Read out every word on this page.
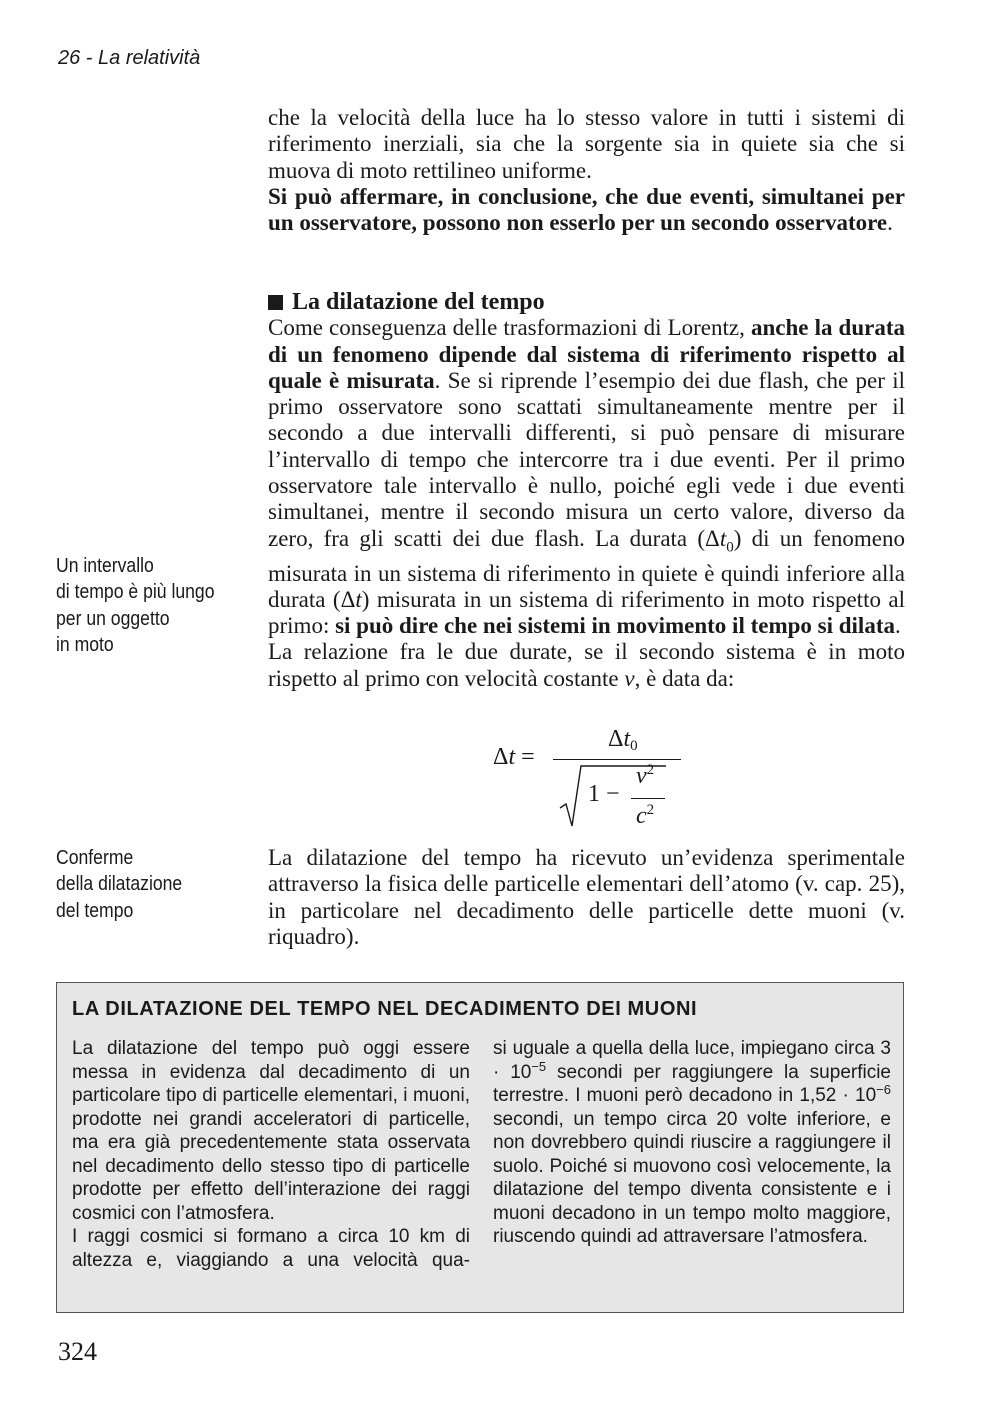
26 - La relatività

che la velocità della luce ha lo stesso valore in tutti i sistemi di riferimento inerziali, sia che la sorgente sia in quiete sia che si muova di moto rettilineo uniforme.

Si può affermare, in conclusione, che due eventi, simultanei per un osservatore, possono non esserlo per un secondo osservatore.

La dilatazione del tempo

Come conseguenza delle trasformazioni di Lorentz, anche la durata di un fenomeno dipende dal sistema di riferimento rispetto al quale è misurata. Se si riprende l’esempio dei due flash, che per il primo osservatore sono scattati simultaneamente mentre per il secondo a due intervalli differenti, si può pensare di misurare l’intervallo di tempo che intercorre tra i due eventi. Per il primo osservatore tale intervallo è nullo, poiché egli vede i due eventi simultanei, mentre il secondo misura un certo valore, diverso da zero, fra gli scatti dei due flash. La durata $(\Delta t_0)$ di un fenomeno misurata in un sistema di riferimento in quiete è quindi inferiore alla durata (Δt) misurata in un sistema di riferimento in moto rispetto al primo: si può dire che nei sistemi in movimento il tempo si dilata.

La relazione fra le due durate, se il secondo sistema è in moto rispetto al primo con velocità costante v, è data da:

Δt =
$\Delta t_0$
1 −
$v^2$
$c^2$

La dilatazione del tempo ha ricevuto un’evidenza sperimentale attraverso la fisica delle particelle elementari dell’atomo (v. cap. 25), in particolare nel decadimento delle particelle dette muoni (v. riquadro).

Un intervallo
di tempo è più lungo
per un oggetto
in moto
Conferme
della dilatazione
del tempo
LA DILATAZIONE DEL TEMPO NEL DECADIMENTO DEI MUONI

La dilatazione del tempo può oggi essere messa in evidenza dal decadimento di un particolare tipo di particelle elementari, i muoni, prodotte nei grandi acceleratori di particelle, ma era già precedentemente stata osservata nel decadimento dello stesso tipo di particelle prodotte per effetto dell’interazione dei raggi cosmici con l’atmosfera.

I raggi cosmici si formano a circa 10 km di altezza e, viaggiando a una velocità qua-

si uguale a quella della luce, impiegano circa $3 \cdot 10^{-5}$ secondi per raggiungere la superficie terrestre. I muoni però decadono in $1,52 \cdot 10^{-6}$ secondi, un tempo circa 20 volte inferiore, e non dovrebbero quindi riuscire a raggiungere il suolo. Poiché si muovono così velocemente, la dilatazione del tempo diventa consistente e i muoni decadono in un tempo molto maggiore, riuscendo quindi ad attraversare l’atmosfera.

324
